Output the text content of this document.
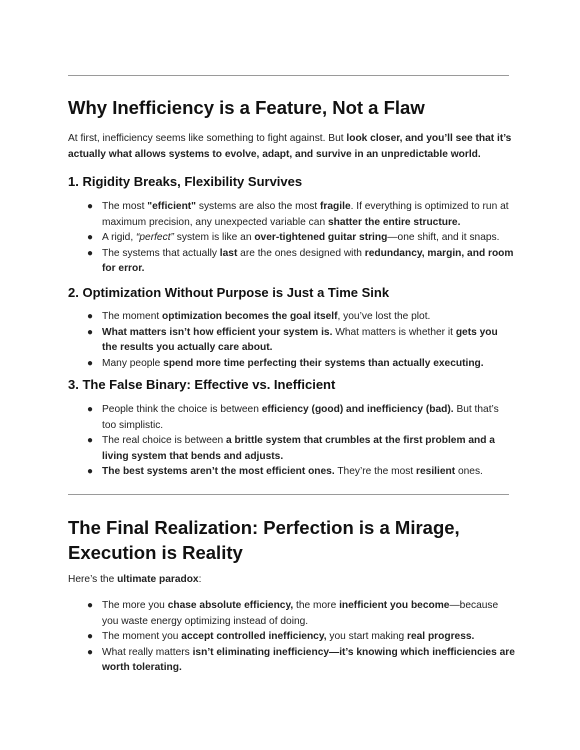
Why Inefficiency is a Feature, Not a Flaw

At first, inefficiency seems like something to fight against. But look closer, and you’ll see that it’s actually what allows systems to evolve, adapt, and survive in an unpredictable world.

1. Rigidity Breaks, Flexibility Survives
● The most "efficient" systems are also the most fragile. If everything is optimized to run at maximum precision, any unexpected variable can shatter the entire structure.
● A rigid, “perfect” system is like an over-tightened guitar string—one shift, and it snaps.
● The systems that actually last are the ones designed with redundancy, margin, and room for error.
2. Optimization Without Purpose is Just a Time Sink
● The moment optimization becomes the goal itself, you’ve lost the plot.
● What matters isn’t how efficient your system is. What matters is whether it gets you the results you actually care about.
● Many people spend more time perfecting their systems than actually executing.
3. The False Binary: Effective vs. Inefficient
● People think the choice is between efficiency (good) and inefficiency (bad). But that’s too simplistic.
● The real choice is between a brittle system that crumbles at the first problem and a living system that bends and adjusts.
● The best systems aren’t the most efficient ones. They’re the most resilient ones.
The Final Realization: Perfection is a Mirage, Execution is Reality

Here’s the ultimate paradox:

● The more you chase absolute efficiency, the more inefficient you become—because you waste energy optimizing instead of doing.
● The moment you accept controlled inefficiency, you start making real progress.
● What really matters isn’t eliminating inefficiency—it’s knowing which inefficiencies are worth tolerating.
